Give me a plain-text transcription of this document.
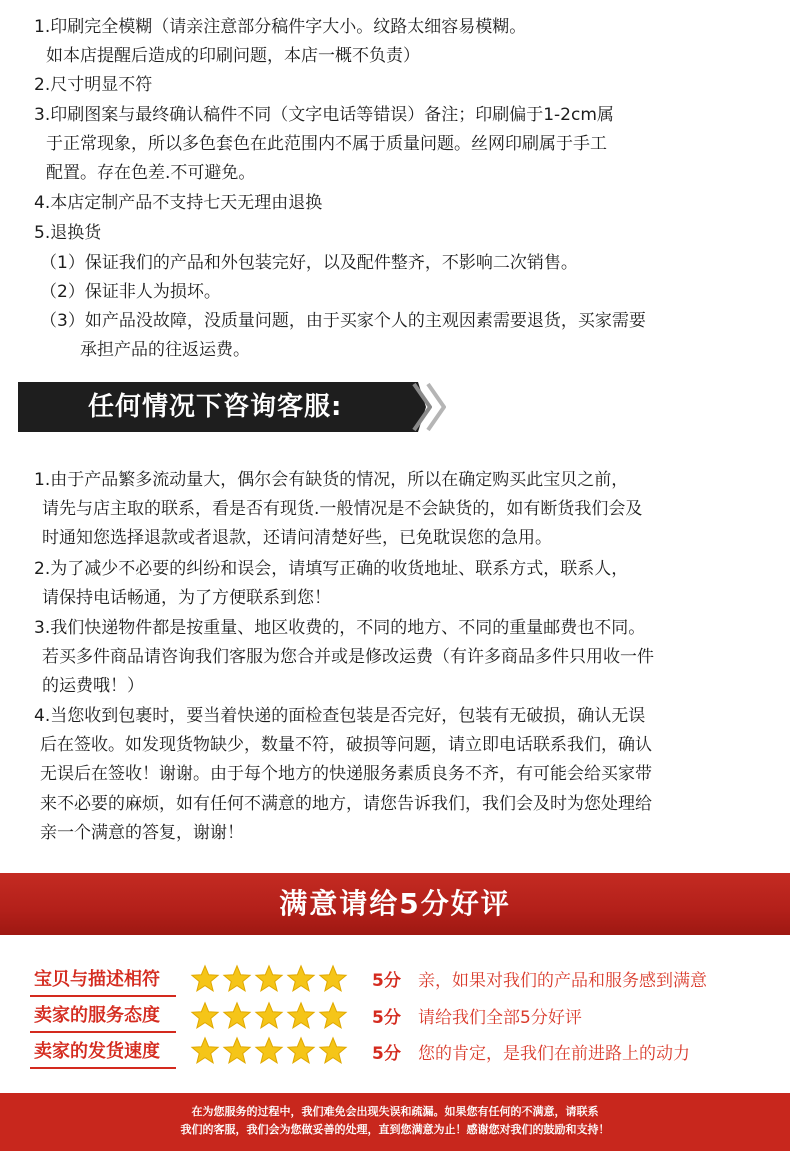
1.印刷完全模糊（请亲注意部分稿件字大小。纹路太细容易模糊。
如本店提醒后造成的印刷问题，本店一概不负责）
2.尺寸明显不符
3.印刷图案与最终确认稿件不同（文字电话等错误）备注；印刷偏于1-2cm属
于正常现象，所以多色套色在此范围内不属于质量问题。丝网印刷属于手工
配置。存在色差.不可避免。
4.本店定制产品不支持七天无理由退换
5.退换货
（1）保证我们的产品和外包装完好，以及配件整齐，不影响二次销售。
（2）保证非人为损坏。
（3）如产品没故障，没质量问题，由于买家个人的主观因素需要退货，买家需要
承担产品的往返运费。
任何情况下咨询客服:
1.由于产品繁多流动量大，偶尔会有缺货的情况，所以在确定购买此宝贝之前，
请先与店主取的联系，看是否有现货.一般情况是不会缺货的，如有断货我们会及
时通知您选择退款或者退款，还请问清楚好些，已免耽误您的急用。
2.为了减少不必要的纠纷和误会，请填写正确的收货地址、联系方式，联系人，
请保持电话畅通，为了方便联系到您！
3.我们快递物件都是按重量、地区收费的，不同的地方、不同的重量邮费也不同。
若买多件商品请咨询我们客服为您合并或是修改运费（有许多商品多件只用收一件
的运费哦！）
4.当您收到包裹时，要当着快递的面检查包装是否完好，包装有无破损，确认无误
后在签收。如发现货物缺少，数量不符，破损等问题，请立即电话联系我们，确认
无误后在签收！谢谢。由于每个地方的快递服务素质良务不齐，有可能会给买家带
来不必要的麻烦，如有任何不满意的地方，请您告诉我们，我们会及时为您处理给
亲一个满意的答复，谢谢！
满意请给5分好评
宝贝与描述相符	5分 亲，如果对我们的产品和服务感到满意
卖家的服务态度	5分 请给我们全部5分好评
卖家的发货速度	5分 您的肯定，是我们在前进路上的动力
在为您服务的过程中，我们难免会出现失误和疏漏。如果您有任何的不满意，请联系
我们的客服，我们会为您做妥善的处理，直到您满意为止！感谢您对我们的鼓励和支持！
